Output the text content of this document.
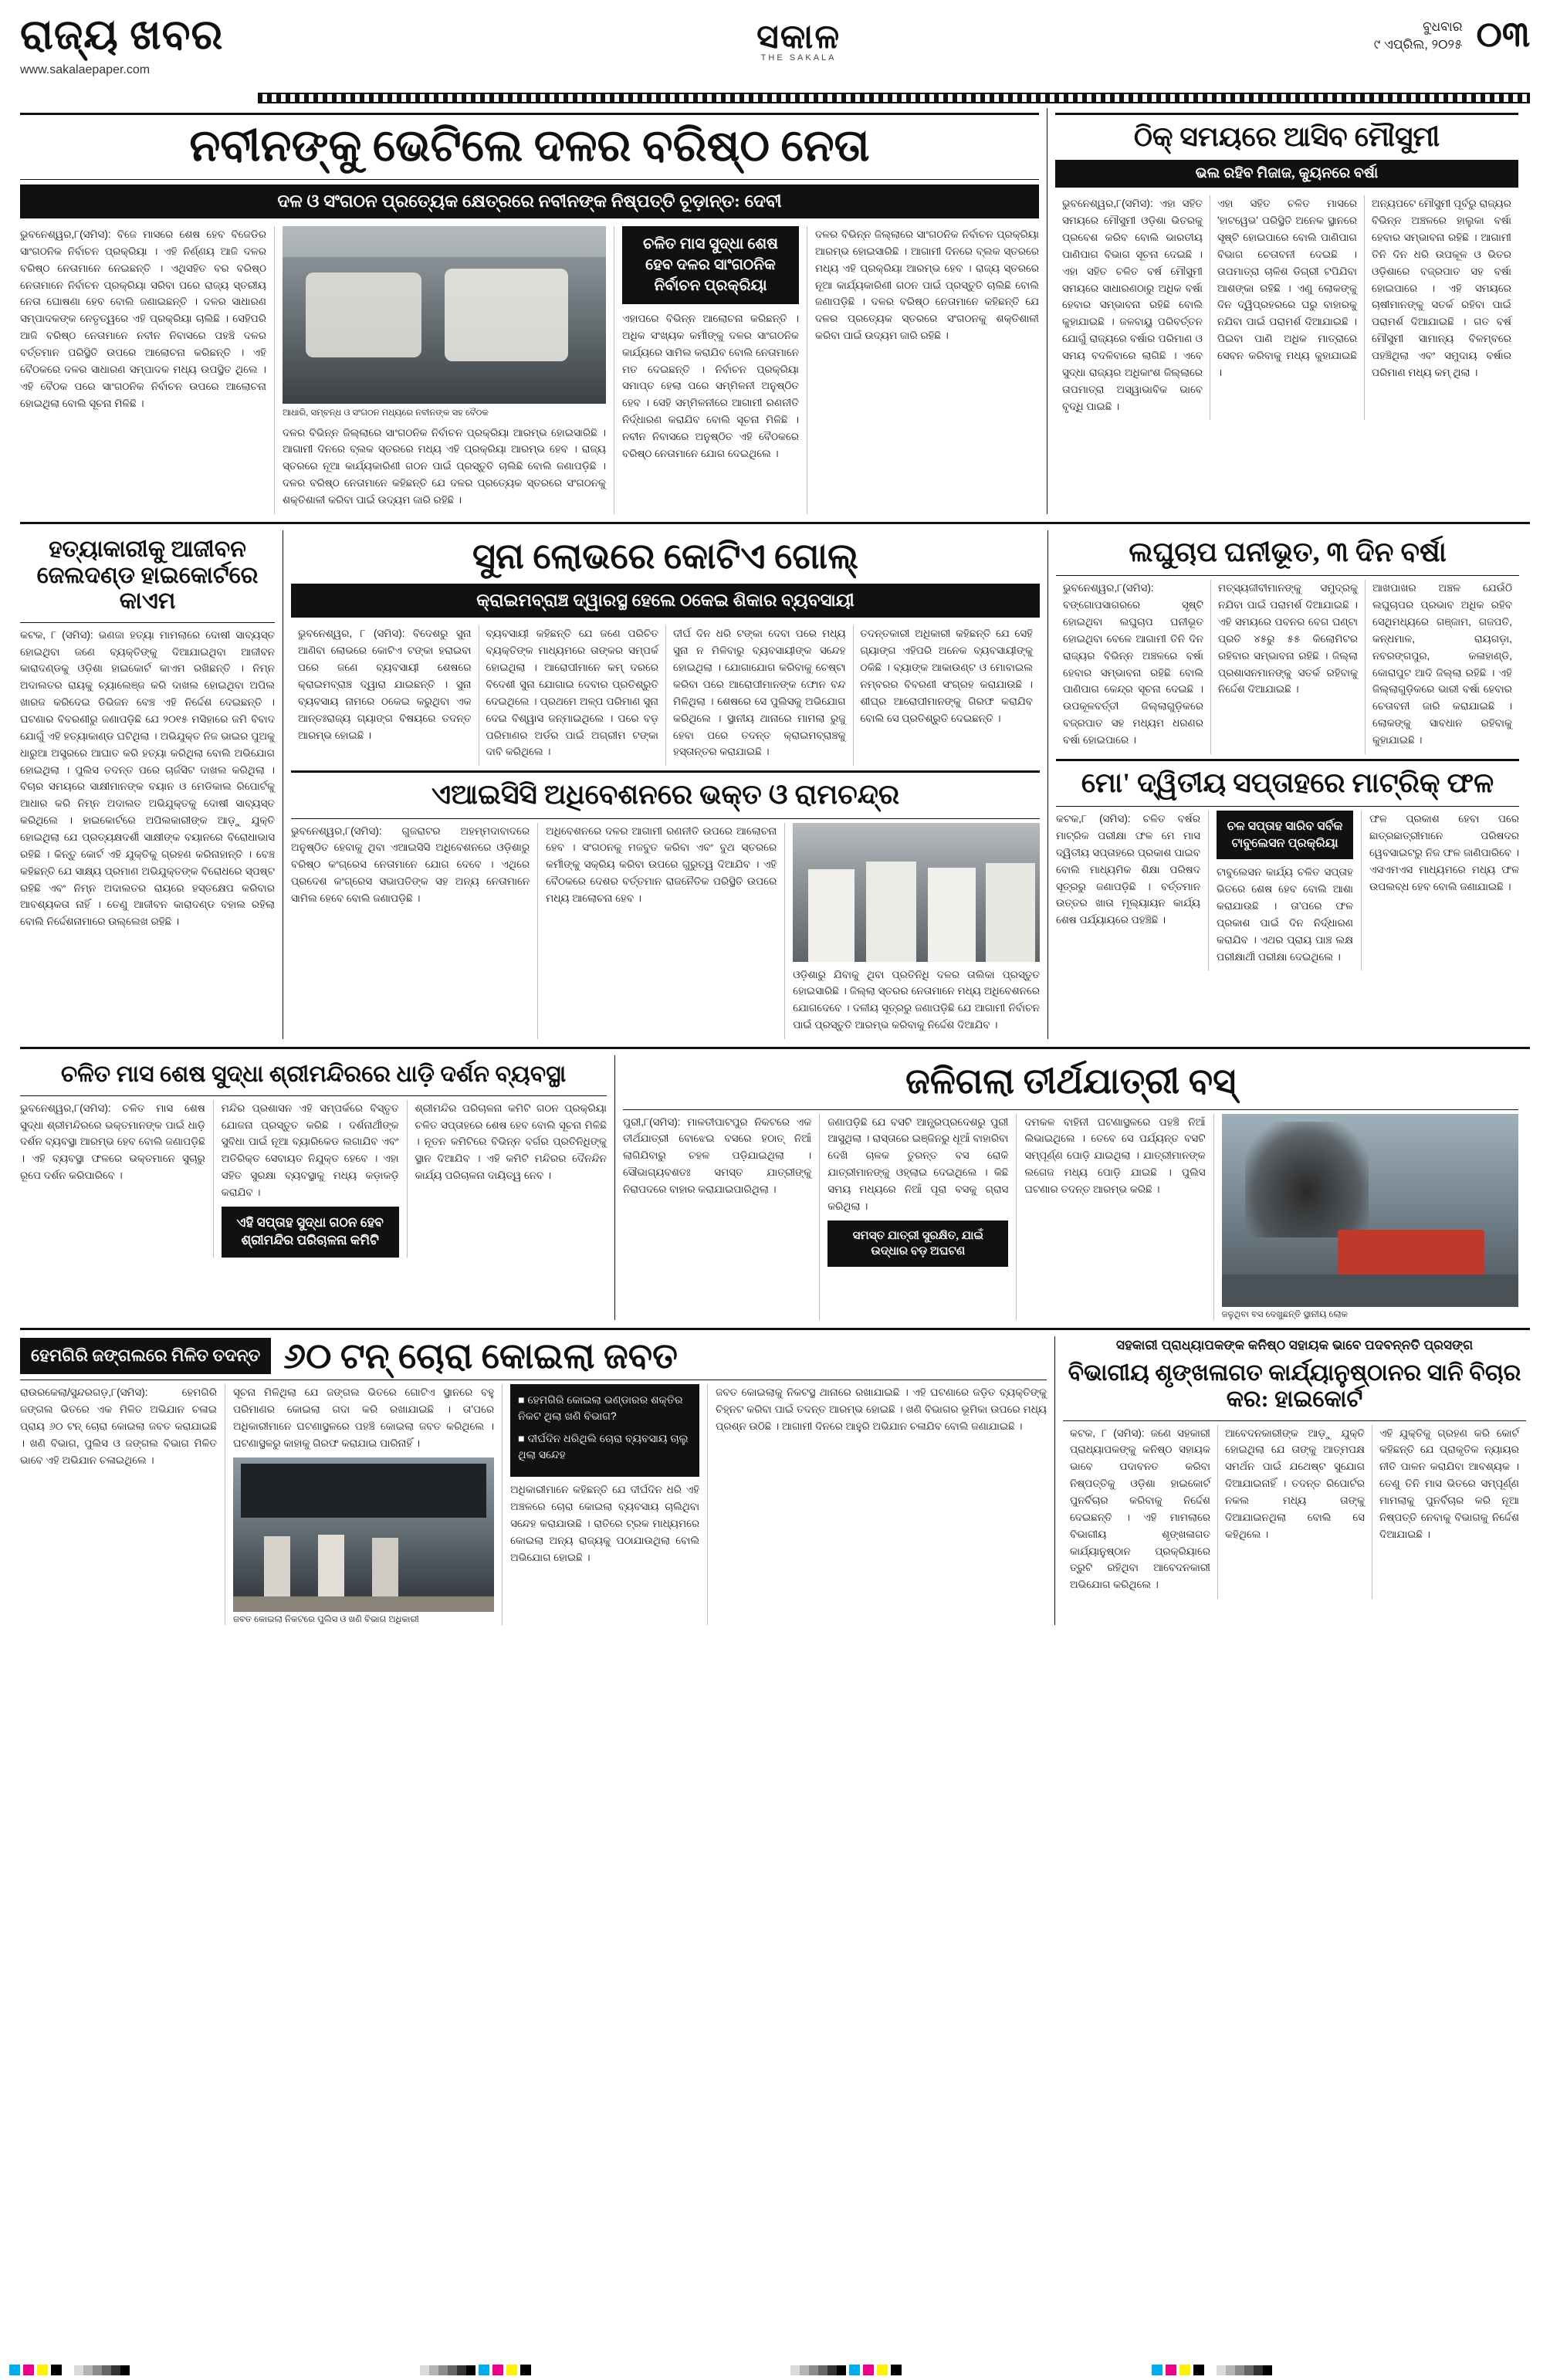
ରାଜ୍ୟ ଖବର
www.sakalaepaper.com
ସକାଳ
THE SAKALA
ବୁଧବାର
୯ ଏପ୍ରିଲ, ୨୦୨୫ ୦୩
ନବୀନଙ୍କୁ ଭେଟିଲେ ଦଳର ବରିଷ୍ଠ ନେତା
ଦଳ ଓ ସଂଗଠନ ପ୍ରତ୍ୟେକ କ୍ଷେତ୍ରରେ ନବୀନଙ୍କ ନିଷ୍ପତ୍ତି ଚୂଡ଼ାନ୍ତ: ଦେବୀ

ଭୁବନେଶ୍ୱର,୮(ସମିସ): ବିଜେ ମାସରେ ଶେଷ ହେବ ବିଜେଡିର ସାଂଗଠନିକ ନିର୍ବାଚନ ପ୍ରକ୍ରିୟା । ଏହି ନିର୍ଣ୍ଣୟ ଆଜି ଦଳର ବରିଷ୍ଠ ନେତାମାନେ ନେଇଛନ୍ତି । ଏଥିସହିତ ବର ବରିଷ୍ଠ ନେତାମାନେ ନିର୍ବାଚନ ପ୍ରକ୍ରିୟା ସରିବା ପରେ ରାଜ୍ୟ ସ୍ତରୀୟ ନେତା ଘୋଷଣା ହେବ ବୋଲି ଜଣାଇଛନ୍ତି । ଦଳର ସାଧାରଣ ସମ୍ପାଦକଙ୍କ ନେତୃତ୍ୱରେ ଏହି ପ୍ରକ୍ରିୟା ଚାଲିଛି । ସେହିପରି ଆଜି ବରିଷ୍ଠ ନେତାମାନେ ନବୀନ ନିବାସରେ ପହଞ୍ଚି ଦଳର ବର୍ତ୍ତମାନ ପରିସ୍ଥିତି ଉପରେ ଆଲୋଚନା କରିଛନ୍ତି । ଏହି ବୈଠକରେ ଦଳର ସାଧାରଣ ସମ୍ପାଦକ ମଧ୍ୟ ଉପସ୍ଥିତ ଥିଲେ । ଏହି ବୈଠକ ପରେ ସାଂଗଠନିକ ନିର୍ବାଚନ ଉପରେ ଆଲୋଚନା ହୋଇଥିଲା ବୋଲି ସୂଚନା ମିଳିଛି ।

ଆଧାରି, ସମ୍ବନ୍ଧ ଓ ସଂଗଠନ ମଧ୍ୟରେ ନବୀନଙ୍କ ସହ ବୈଠକ

ଦଳର ବିଭିନ୍ନ ଜିଲ୍ଲାରେ ସାଂଗଠନିକ ନିର୍ବାଚନ ପ୍ରକ୍ରିୟା ଆରମ୍ଭ ହୋଇସାରିଛି । ଆଗାମୀ ଦିନରେ ବ୍ଲକ ସ୍ତରରେ ମଧ୍ୟ ଏହି ପ୍ରକ୍ରିୟା ଆରମ୍ଭ ହେବ । ରାଜ୍ୟ ସ୍ତରରେ ନୂଆ କାର୍ଯ୍ୟକାରିଣୀ ଗଠନ ପାଇଁ ପ୍ରସ୍ତୁତି ଚାଲିଛି ବୋଲି ଜଣାପଡ଼ିଛି । ଦଳର ବରିଷ୍ଠ ନେତାମାନେ କହିଛନ୍ତି ଯେ ଦଳର ପ୍ରତ୍ୟେକ ସ୍ତରରେ ସଂଗଠନକୁ ଶକ୍ତିଶାଳୀ କରିବା ପାଇଁ ଉଦ୍ୟମ ଜାରି ରହିଛି ।

ଚଳିତ ମାସ ସୁଦ୍ଧା ଶେଷ ହେବ ଦଳର ସାଂଗଠନିକ ନିର୍ବାଚନ ପ୍ରକ୍ରିୟା

ଏହାପରେ ବିଭିନ୍ନ ଆଲୋଚନା କରିଛନ୍ତି । ଅଧିକ ସଂଖ୍ୟକ କର୍ମୀଙ୍କୁ ଦଳର ସାଂଗଠନିକ କାର୍ଯ୍ୟରେ ସାମିଲ କରାଯିବ ବୋଲି ନେତାମାନେ ମତ ଦେଇଛନ୍ତି । ନିର୍ବାଚନ ପ୍ରକ୍ରିୟା ସମାପ୍ତ ହେଲା ପରେ ସମ୍ମିଳନୀ ଅନୁଷ୍ଠିତ ହେବ । ସେହି ସମ୍ମିଳନୀରେ ଆଗାମୀ ରଣନୀତି ନିର୍ଦ୍ଧାରଣ କରାଯିବ ବୋଲି ସୂଚନା ମିଳିଛି । ନବୀନ ନିବାସରେ ଅନୁଷ୍ଠିତ ଏହି ବୈଠକରେ ବରିଷ୍ଠ ନେତାମାନେ ଯୋଗ ଦେଇଥିଲେ ।

ଦଳର ବିଭିନ୍ନ ଜିଲ୍ଲାରେ ସାଂଗଠନିକ ନିର୍ବାଚନ ପ୍ରକ୍ରିୟା ଆରମ୍ଭ ହୋଇସାରିଛି । ଆଗାମୀ ଦିନରେ ବ୍ଲକ ସ୍ତରରେ ମଧ୍ୟ ଏହି ପ୍ରକ୍ରିୟା ଆରମ୍ଭ ହେବ । ରାଜ୍ୟ ସ୍ତରରେ ନୂଆ କାର୍ଯ୍ୟକାରିଣୀ ଗଠନ ପାଇଁ ପ୍ରସ୍ତୁତି ଚାଲିଛି ବୋଲି ଜଣାପଡ଼ିଛି । ଦଳର ବରିଷ୍ଠ ନେତାମାନେ କହିଛନ୍ତି ଯେ ଦଳର ପ୍ରତ୍ୟେକ ସ୍ତରରେ ସଂଗଠନକୁ ଶକ୍ତିଶାଳୀ କରିବା ପାଇଁ ଉଦ୍ୟମ ଜାରି ରହିଛି ।

ଠିକ୍ ସମୟରେ ଆସିବ ମୌସୁମୀ
ଭଲ ରହିବ ମିଜାଜ, କ୍ୟୁନରେ ବର୍ଷା

ଭୁବନେଶ୍ୱର,୮(ସମିସ): ଏହା ସହିତ ସମୟରେ ମୌସୁମୀ ଓଡ଼ିଶା ଭିତରକୁ ପ୍ରବେଶ କରିବ ବୋଲି ଭାରତୀୟ ପାଣିପାଗ ବିଭାଗ ସୂଚନା ଦେଇଛି । ଏହା ସହିତ ଚଳିତ ବର୍ଷ ମୌସୁମୀ ସମୟରେ ସାଧାରଣଠାରୁ ଅଧିକ ବର୍ଷା ହେବାର ସମ୍ଭାବନା ରହିଛି ବୋଲି କୁହାଯାଇଛି । ଜଳବାୟୁ ପରିବର୍ତ୍ତନ ଯୋଗୁଁ ରାଜ୍ୟରେ ବର୍ଷାର ପରିମାଣ ଓ ସମୟ ବଦଳିବାରେ ଲାଗିଛି । ଏବେ ସୁଦ୍ଧା ରାଜ୍ୟର ଅଧିକାଂଶ ଜିଲ୍ଲାରେ ତାପମାତ୍ରା ଅସ୍ୱାଭାବିକ ଭାବେ ବୃଦ୍ଧି ପାଇଛି ।

ଏହା ସହିତ ଚଳିତ ମାସରେ 'ହାଟୱେଭ' ପରିସ୍ଥିତି ଅନେକ ସ୍ଥାନରେ ସୃଷ୍ଟି ହୋଇପାରେ ବୋଲି ପାଣିପାଗ ବିଭାଗ ଚେତାବନୀ ଦେଇଛି । ତାପମାତ୍ରା ଚାଳିଶ ଡିଗ୍ରୀ ଟପିଯିବା ଆଶଙ୍କା ରହିଛି । ଏଣୁ ଲୋକଙ୍କୁ ଦିନ ଦ୍ୱିପ୍ରହରରେ ଘରୁ ବାହାରକୁ ନଯିବା ପାଇଁ ପରାମର୍ଶ ଦିଆଯାଇଛି । ପିଇବା ପାଣି ଅଧିକ ମାତ୍ରାରେ ସେବନ କରିବାକୁ ମଧ୍ୟ କୁହାଯାଇଛି ।

ଅନ୍ୟପଟେ ମୌସୁମୀ ପୂର୍ବରୁ ରାଜ୍ୟର ବିଭିନ୍ନ ଅଞ୍ଚଳରେ ହାଲୁକା ବର୍ଷା ହେବାର ସମ୍ଭାବନା ରହିଛି । ଆଗାମୀ ତିନି ଦିନ ଧରି ଉପକୂଳ ଓ ଭିତର ଓଡ଼ିଶାରେ ବଜ୍ରପାତ ସହ ବର୍ଷା ହୋଇପାରେ । ଏହି ସମୟରେ ଚାଷୀମାନଙ୍କୁ ସତର୍କ ରହିବା ପାଇଁ ପରାମର୍ଶ ଦିଆଯାଇଛି । ଗତ ବର୍ଷ ମୌସୁମୀ ସାମାନ୍ୟ ବିଳମ୍ବରେ ପହଞ୍ଚିଥିଲା ଏବଂ ସମୁଦାୟ ବର୍ଷାର ପରିମାଣ ମଧ୍ୟ କମ୍ ଥିଲା ।

ହତ୍ୟାକାରୀକୁ ଆଜୀବନ ଜେଲଦଣ୍ଡ ହାଇକୋର୍ଟରେ କାଏମ

କଟକ, ୮ (ସମିସ): ଭଣଜା ହତ୍ୟା ମାମଲାରେ ଦୋଷୀ ସାବ୍ୟସ୍ତ ହୋଇଥିବା ଜଣେ ବ୍ୟକ୍ତିଙ୍କୁ ଦିଆଯାଇଥିବା ଆଜୀବନ କାରାଦଣ୍ଡକୁ ଓଡ଼ିଶା ହାଇକୋର୍ଟ କାଏମ ରଖିଛନ୍ତି । ନିମ୍ନ ଅଦାଲତର ରାୟକୁ ଚ୍ୟାଲେଞ୍ଜ କରି ଦାଖଲ ହୋଇଥିବା ଅପିଲ ଖାରଜ କରିଦେଇ ଡିଭିଜନ ବେଞ୍ଚ ଏହି ନିର୍ଦ୍ଦେଶ ଦେଇଛନ୍ତି । ଘଟଣାର ବିବରଣୀରୁ ଜଣାପଡ଼ିଛି ଯେ ୨୦୧୫ ମସିହାରେ ଜମି ବିବାଦ ଯୋଗୁଁ ଏହି ହତ୍ୟାକାଣ୍ଡ ଘଟିଥିଲା । ଅଭିଯୁକ୍ତ ନିଜ ଭାଇର ପୁଅକୁ ଧାରୁଆ ଅସ୍ତ୍ରରେ ଆଘାତ କରି ହତ୍ୟା କରିଥିଲା ବୋଲି ଅଭିଯୋଗ ହୋଇଥିଲା । ପୁଲିସ ତଦନ୍ତ ପରେ ଚାର୍ଜସିଟ ଦାଖଲ କରିଥିଲା । ବିଚାର ସମୟରେ ସାକ୍ଷୀମାନଙ୍କ ବୟାନ ଓ ମେଡିକାଲ ରିପୋର୍ଟକୁ ଆଧାର କରି ନିମ୍ନ ଅଦାଲତ ଅଭିଯୁକ୍ତକୁ ଦୋଷୀ ସାବ୍ୟସ୍ତ କରିଥିଲେ । ହାଇକୋର୍ଟରେ ଅପିଲକାରୀଙ୍କ ଆଡ଼ୁ ଯୁକ୍ତି ହୋଇଥିଲା ଯେ ପ୍ରତ୍ୟକ୍ଷଦର୍ଶୀ ସାକ୍ଷୀଙ୍କ ବୟାନରେ ବିରୋଧାଭାସ ରହିଛି । କିନ୍ତୁ କୋର୍ଟ ଏହି ଯୁକ୍ତିକୁ ଗ୍ରହଣ କରିନାହାନ୍ତି । ବେଞ୍ଚ କହିଛନ୍ତି ଯେ ସାକ୍ଷ୍ୟ ପ୍ରମାଣ ଅଭିଯୁକ୍ତଙ୍କ ବିରୋଧରେ ସ୍ପଷ୍ଟ ରହିଛି ଏବଂ ନିମ୍ନ ଅଦାଲତର ରାୟରେ ହସ୍ତକ୍ଷେପ କରିବାର ଆବଶ୍ୟକତା ନାହିଁ । ତେଣୁ ଆଜୀବନ କାରାଦଣ୍ଡ ବହାଲ ରହିଲା ବୋଲି ନିର୍ଦ୍ଦେଶନାମାରେ ଉଲ୍ଲେଖ ରହିଛି ।

ସୁନା ଲୋଭରେ କୋଟିଏ ଗୋଲ୍
କ୍ରାଇମବ୍ରାଞ୍ଚ ଦ୍ୱାରସ୍ଥ ହେଲେ ଠକେଇ ଶିକାର ବ୍ୟବସାୟୀ

ଭୁବନେଶ୍ୱର, ୮ (ସମିସ): ବିଦେଶରୁ ସୁନା ଆଣିବା ଲୋଭରେ କୋଟିଏ ଟଙ୍କା ହରାଇବା ପରେ ଜଣେ ବ୍ୟବସାୟୀ ଶେଷରେ କ୍ରାଇମବ୍ରାଞ୍ଚ ଦ୍ୱାରା ଯାଇଛନ୍ତି । ସୁନା ବ୍ୟବସାୟ ନାମରେ ଠକେଇ କରୁଥିବା ଏକ ଆନ୍ତଃରାଜ୍ୟ ଗ୍ୟାଙ୍ଗ ବିଷୟରେ ତଦନ୍ତ ଆରମ୍ଭ ହୋଇଛି ।

ବ୍ୟବସାୟୀ କହିଛନ୍ତି ଯେ ଜଣେ ପରିଚିତ ବ୍ୟକ୍ତିଙ୍କ ମାଧ୍ୟମରେ ତାଙ୍କର ସମ୍ପର୍କ ହୋଇଥିଲା । ଆରୋପୀମାନେ କମ୍ ଦରରେ ବିଦେଶୀ ସୁନା ଯୋଗାଇ ଦେବାର ପ୍ରତିଶ୍ରୁତି ଦେଇଥିଲେ । ପ୍ରଥମେ ଅଳ୍ପ ପରିମାଣ ସୁନା ଦେଇ ବିଶ୍ୱାସ ଜନ୍ମାଇଥିଲେ । ପରେ ବଡ଼ ପରିମାଣର ଅର୍ଡର ପାଇଁ ଅଗ୍ରୀମ ଟଙ୍କା ଦାବି କରିଥିଲେ ।

ଦୀର୍ଘ ଦିନ ଧରି ଟଙ୍କା ଦେବା ପରେ ମଧ୍ୟ ସୁନା ନ ମିଳିବାରୁ ବ୍ୟବସାୟୀଙ୍କ ସନ୍ଦେହ ହୋଇଥିଲା । ଯୋଗାଯୋଗ କରିବାକୁ ଚେଷ୍ଟା କରିବା ପରେ ଆରୋପୀମାନଙ୍କ ଫୋନ ବନ୍ଦ ମିଳିଥିଲା । ଶେଷରେ ସେ ପୁଲିସକୁ ଅଭିଯୋଗ କରିଥିଲେ । ସ୍ଥାନୀୟ ଥାନାରେ ମାମଲା ରୁଜୁ ହେବା ପରେ ତଦନ୍ତ କ୍ରାଇମବ୍ରାଞ୍ଚକୁ ହସ୍ତାନ୍ତର କରାଯାଇଛି ।

ତଦନ୍ତକାରୀ ଅଧିକାରୀ କହିଛନ୍ତି ଯେ ସେହି ଗ୍ୟାଙ୍ଗ ଏହିପରି ଅନେକ ବ୍ୟବସାୟୀଙ୍କୁ ଠକିଛି । ବ୍ୟାଙ୍କ ଆକାଉଣ୍ଟ ଓ ମୋବାଇଲ ନମ୍ବରର ବିବରଣୀ ସଂଗ୍ରହ କରାଯାଉଛି । ଶୀଘ୍ର ଆରୋପୀମାନଙ୍କୁ ଗିରଫ କରାଯିବ ବୋଲି ସେ ପ୍ରତିଶ୍ରୁତି ଦେଇଛନ୍ତି ।

ଏଆଇସିସି ଅଧିବେଶନରେ ଭକ୍ତ ଓ ରାମଚନ୍ଦ୍ର

ଭୁବନେଶ୍ୱର,୮(ସମିସ): ଗୁଜରାଟର ଅହମ୍ମଦାବାଦରେ ଅନୁଷ୍ଠିତ ହେବାକୁ ଥିବା ଏଆଇସିସି ଅଧିବେଶନରେ ଓଡ଼ିଶାରୁ ବରିଷ୍ଠ କଂଗ୍ରେସ ନେତାମାନେ ଯୋଗ ଦେବେ । ଏଥିରେ ପ୍ରଦେଶ କଂଗ୍ରେସ ସଭାପତିଙ୍କ ସହ ଅନ୍ୟ ନେତାମାନେ ସାମିଲ ହେବେ ବୋଲି ଜଣାପଡ଼ିଛି ।

ଅଧିବେଶନରେ ଦଳର ଆଗାମୀ ରଣନୀତି ଉପରେ ଆଲୋଚନା ହେବ । ସଂଗଠନକୁ ମଜବୁତ କରିବା ଏବଂ ବୁଥ ସ୍ତରରେ କର୍ମୀଙ୍କୁ ସକ୍ରିୟ କରିବା ଉପରେ ଗୁରୁତ୍ୱ ଦିଆଯିବ । ଏହି ବୈଠକରେ ଦେଶର ବର୍ତ୍ତମାନ ରାଜନୈତିକ ପରିସ୍ଥିତି ଉପରେ ମଧ୍ୟ ଆଲୋଚନା ହେବ ।

ଓଡ଼ିଶାରୁ ଯିବାକୁ ଥିବା ପ୍ରତିନିଧି ଦଳର ତାଲିକା ପ୍ରସ୍ତୁତ ହୋଇସାରିଛି । ଜିଲ୍ଲା ସ୍ତରର ନେତାମାନେ ମଧ୍ୟ ଅଧିବେଶନରେ ଯୋଗଦେବେ । ଦଳୀୟ ସୂତ୍ରରୁ ଜଣାପଡ଼ିଛି ଯେ ଆଗାମୀ ନିର୍ବାଚନ ପାଇଁ ପ୍ରସ୍ତୁତି ଆରମ୍ଭ କରିବାକୁ ନିର୍ଦ୍ଦେଶ ଦିଆଯିବ ।

ଲଘୁଚାପ ଘନୀଭୂତ, ୩ ଦିନ ବର୍ଷା

ଭୁବନେଶ୍ୱର,୮(ସମିସ): ବଙ୍ଗୋପସାଗରରେ ସୃଷ୍ଟି ହୋଇଥିବା ଲଘୁଚାପ ଘନୀଭୂତ ହୋଇଥିବା ବେଳେ ଆଗାମୀ ତିନି ଦିନ ରାଜ୍ୟର ବିଭିନ୍ନ ଅଞ୍ଚଳରେ ବର୍ଷା ହେବାର ସମ୍ଭାବନା ରହିଛି ବୋଲି ପାଣିପାଗ କେନ୍ଦ୍ର ସୂଚନା ଦେଇଛି । ଉପକୂଳବର୍ତ୍ତୀ ଜିଲ୍ଲାଗୁଡ଼ିକରେ ବଜ୍ରପାତ ସହ ମଧ୍ୟମ ଧରଣର ବର୍ଷା ହୋଇପାରେ ।

ମତ୍ସ୍ୟଜୀବୀମାନଙ୍କୁ ସମୁଦ୍ରକୁ ନଯିବା ପାଇଁ ପରାମର୍ଶ ଦିଆଯାଇଛି । ଏହି ସମୟରେ ପବନର ବେଗ ଘଣ୍ଟା ପ୍ରତି ୪୫ରୁ ୫୫ କିଲୋମିଟର ରହିବାର ସମ୍ଭାବନା ରହିଛି । ଜିଲ୍ଲା ପ୍ରଶାସନମାନଙ୍କୁ ସତର୍କ ରହିବାକୁ ନିର୍ଦ୍ଦେଶ ଦିଆଯାଇଛି ।

ଆଖପାଖର ଅଞ୍ଚଳ ଯେଉଁଠି ଲଘୁଚାପର ପ୍ରଭାବ ଅଧିକ ରହିବ ସେଥିମଧ୍ୟରେ ଗଞ୍ଜାମ, ଗଜପତି, କନ୍ଧମାଳ, ରାୟଗଡ଼ା, ନବରଙ୍ଗପୁର, କଳାହାଣ୍ଡି, କୋରାପୁଟ ଆଦି ଜିଲ୍ଲା ରହିଛି । ଏହି ଜିଲ୍ଲାଗୁଡ଼ିକରେ ଭାରୀ ବର୍ଷା ହେବାର ଚେତାବନୀ ଜାରି କରାଯାଇଛି । ଲୋକଙ୍କୁ ସାବଧାନ ରହିବାକୁ କୁହାଯାଇଛି ।

ମୋ' ଦ୍ୱିତୀୟ ସପ୍ତାହରେ ମାଟ୍ରିକ୍ ଫଳ

କଟକ,୮ (ସମିସ): ଚଳିତ ବର୍ଷର ମାଟ୍ରିକ ପରୀକ୍ଷା ଫଳ ମେ ମାସ ଦ୍ୱିତୀୟ ସପ୍ତାହରେ ପ୍ରକାଶ ପାଇବ ବୋଲି ମାଧ୍ୟମିକ ଶିକ୍ଷା ପରିଷଦ ସୂତ୍ରରୁ ଜଣାପଡ଼ିଛି । ବର୍ତ୍ତମାନ ଉତ୍ତର ଖାତା ମୂଲ୍ୟାୟନ କାର୍ଯ୍ୟ ଶେଷ ପର୍ଯ୍ୟାୟରେ ପହଞ୍ଚିଛି ।

ଚଳ ସପ୍ତାହ ସାରିବ ସର୍ବିକ ଟାବୁଲେସନ ପ୍ରକ୍ରିୟା

ଟାବୁଲେସନ କାର୍ଯ୍ୟ ଚଳିତ ସପ୍ତାହ ଭିତରେ ଶେଷ ହେବ ବୋଲି ଆଶା କରାଯାଉଛି । ତା'ପରେ ଫଳ ପ୍ରକାଶ ପାଇଁ ଦିନ ନିର୍ଦ୍ଧାରଣ କରାଯିବ । ଏଥର ପ୍ରାୟ ପାଞ୍ଚ ଲକ୍ଷ ପରୀକ୍ଷାର୍ଥୀ ପରୀକ୍ଷା ଦେଇଥିଲେ ।

ଫଳ ପ୍ରକାଶ ହେବା ପରେ ଛାତ୍ରଛାତ୍ରୀମାନେ ପରିଷଦର ୱେବସାଇଟରୁ ନିଜ ଫଳ ଜାଣିପାରିବେ । ଏସଏମଏସ ମାଧ୍ୟମରେ ମଧ୍ୟ ଫଳ ଉପଲବ୍ଧ ହେବ ବୋଲି ଜଣାଯାଇଛି ।

ଚଳିତ ମାସ ଶେଷ ସୁଦ୍ଧା ଶ୍ରୀମନ୍ଦିରରେ ଧାଡ଼ି ଦର୍ଶନ ବ୍ୟବସ୍ଥା

ଭୁବନେଶ୍ୱର,୮(ସମିସ): ଚଳିତ ମାସ ଶେଷ ସୁଦ୍ଧା ଶ୍ରୀମନ୍ଦିରରେ ଭକ୍ତମାନଙ୍କ ପାଇଁ ଧାଡ଼ି ଦର୍ଶନ ବ୍ୟବସ୍ଥା ଆରମ୍ଭ ହେବ ବୋଲି ଜଣାପଡ଼ିଛି । ଏହି ବ୍ୟବସ୍ଥା ଫଳରେ ଭକ୍ତମାନେ ସୁଚାରୁ ରୂପେ ଦର୍ଶନ କରିପାରିବେ ।

ମନ୍ଦିର ପ୍ରଶାସନ ଏହି ସମ୍ପର୍କରେ ବିସ୍ତୃତ ଯୋଜନା ପ୍ରସ୍ତୁତ କରିଛି । ଦର୍ଶନାର୍ଥୀଙ୍କ ସୁବିଧା ପାଇଁ ନୂଆ ବ୍ୟାରିକେଡ ଲଗାଯିବ ଏବଂ ଅତିରିକ୍ତ ସେବାୟତ ନିଯୁକ୍ତ ହେବେ । ଏହା ସହିତ ସୁରକ୍ଷା ବ୍ୟବସ୍ଥାକୁ ମଧ୍ୟ କଡ଼ାକଡ଼ି କରାଯିବ ।

ଏହି ସପ୍ତାହ ସୁଦ୍ଧା ଗଠନ ହେବ ଶ୍ରୀମନ୍ଦିର ପରିଚାଳନା କମିଟି

ଶ୍ରୀମନ୍ଦିର ପରିଚାଳନା କମିଟି ଗଠନ ପ୍ରକ୍ରିୟା ଚଳିତ ସପ୍ତାହରେ ଶେଷ ହେବ ବୋଲି ସୂଚନା ମିଳିଛି । ନୂତନ କମିଟିରେ ବିଭିନ୍ନ ବର୍ଗର ପ୍ରତିନିଧିଙ୍କୁ ସ୍ଥାନ ଦିଆଯିବ । ଏହି କମିଟି ମନ୍ଦିରର ଦୈନନ୍ଦିନ କାର୍ଯ୍ୟ ପରିଚାଳନା ଦାୟିତ୍ୱ ନେବ ।

ଜଳିଗଲା ତୀର୍ଥଯାତ୍ରୀ ବସ୍

ପୁରୀ,୮(ସମିସ): ମାଳତୀପାଟପୁର ନିକଟରେ ଏକ ତୀର୍ଥଯାତ୍ରୀ ବୋଝେଇ ବସରେ ହଠାତ୍ ନିଆଁ ଲାଗିଯିବାରୁ ଚହଳ ପଡ଼ିଯାଇଥିଲା । ସୌଭାଗ୍ୟବଶତଃ ସମସ୍ତ ଯାତ୍ରୀଙ୍କୁ ନିରାପଦରେ ବାହାର କରାଯାଇପାରିଥିଲା ।

ଜଣାପଡ଼ିଛି ଯେ ବସଟି ଆନ୍ଧ୍ରପ୍ରଦେଶରୁ ପୁରୀ ଆସୁଥିଲା । ରାସ୍ତାରେ ଇଞ୍ଜିନରୁ ଧୂଆଁ ବାହାରିବା ଦେଖି ଚାଳକ ତୁରନ୍ତ ବସ ରୋକି ଯାତ୍ରୀମାନଙ୍କୁ ଓହ୍ଲାଇ ଦେଇଥିଲେ । କିଛି ସମୟ ମଧ୍ୟରେ ନିଆଁ ପୂରା ବସକୁ ଗ୍ରାସ କରିଥିଲା ।

ସମସ୍ତ ଯାତ୍ରୀ ସୁରକ୍ଷିତ, ଯାଇଁ ଉଦ୍ଧାର ବଡ଼ ଅଘଟଣ

ଦମକଳ ବାହିନୀ ଘଟଣାସ୍ଥଳରେ ପହଞ୍ଚି ନିଆଁ ଲିଭାଇଥିଲେ । ତେବେ ସେ ପର୍ଯ୍ୟନ୍ତ ବସଟି ସମ୍ପୂର୍ଣ୍ଣ ପୋଡ଼ି ଯାଇଥିଲା । ଯାତ୍ରୀମାନଙ୍କ ଲଗେଜ ମଧ୍ୟ ପୋଡ଼ି ଯାଇଛି । ପୁଲିସ ଘଟଣାର ତଦନ୍ତ ଆରମ୍ଭ କରିଛି ।

ଜଳୁଥିବା ବସ ଦେଖୁଛନ୍ତି ସ୍ଥାନୀୟ ଲୋକ
ହେମଗିରି ଜଙ୍ଗଲରେ ମିଳିତ ତଦନ୍ତ ୬୦ ଟନ୍ ଚୋରା କୋଇଲା ଜବତ

ରାଉରକେଲା/ସୁନ୍ଦରଗଡ଼,୮(ସମିସ): ହେମଗିରି ଜଙ୍ଗଲ ଭିତରେ ଏକ ମିଳିତ ଅଭିଯାନ ଚଳାଇ ପ୍ରାୟ ୬୦ ଟନ୍ ଚୋରା କୋଇଲା ଜବତ କରାଯାଇଛି । ଖଣି ବିଭାଗ, ପୁଲିସ ଓ ଜଙ୍ଗଲ ବିଭାଗ ମିଳିତ ଭାବେ ଏହି ଅଭିଯାନ ଚଳାଇଥିଲେ ।

ସୂଚନା ମିଳିଥିଲା ଯେ ଜଙ୍ଗଲ ଭିତରେ ଗୋଟିଏ ସ୍ଥାନରେ ବହୁ ପରିମାଣର କୋଇଲା ଗଦା କରି ରଖାଯାଇଛି । ତା'ପରେ ଅଧିକାରୀମାନେ ଘଟଣାସ୍ଥଳରେ ପହଞ୍ଚି କୋଇଲା ଜବତ କରିଥିଲେ । ଘଟଣାସ୍ଥଳରୁ କାହାକୁ ଗିରଫ କରାଯାଇ ପାରିନାହିଁ ।

ଜବତ କୋଇଲା ନିକଟରେ ପୁଲିସ ଓ ଖଣି ବିଭାଗ ଅଧିକାରୀ
■ ହେମଗିରି କୋଇଲା ଭଣ୍ଡାରର ଶକ୍ତିର ନିକଟ ଥିଲା ଖଣି ବିଭାଗ?
■ ଦୀର୍ଘଦିନ ଧରିଥିଲି ଚୋରା ବ୍ୟବସାୟ ଚାଲୁ ଥିଲା ସନ୍ଦେହ

ଅଧିକାରୀମାନେ କହିଛନ୍ତି ଯେ ଦୀର୍ଘଦିନ ଧରି ଏହି ଅଞ୍ଚଳରେ ଚୋରା କୋଇଲା ବ୍ୟବସାୟ ଚାଲିଥିବା ସନ୍ଦେହ କରାଯାଉଛି । ରାତିରେ ଟ୍ରକ ମାଧ୍ୟମରେ କୋଇଲା ଅନ୍ୟ ରାଜ୍ୟକୁ ପଠାଯାଉଥିଲା ବୋଲି ଅଭିଯୋଗ ହୋଇଛି ।

ଜବତ କୋଇଲାକୁ ନିକଟସ୍ଥ ଥାନାରେ ରଖାଯାଇଛି । ଏହି ଘଟଣାରେ ଜଡ଼ିତ ବ୍ୟକ୍ତିଙ୍କୁ ଚିହ୍ନଟ କରିବା ପାଇଁ ତଦନ୍ତ ଆରମ୍ଭ ହୋଇଛି । ଖଣି ବିଭାଗର ଭୂମିକା ଉପରେ ମଧ୍ୟ ପ୍ରଶ୍ନ ଉଠିଛି । ଆଗାମୀ ଦିନରେ ଆହୁରି ଅଭିଯାନ ଚଳାଯିବ ବୋଲି ଜଣାଯାଇଛି ।

ସହକାରୀ ପ୍ରାଧ୍ୟାପକଙ୍କ କନିଷ୍ଠ ସହାୟକ ଭାବେ ପଦବନ୍ନତି ପ୍ରସଙ୍ଗ
ବିଭାଗୀୟ ଶୃଙ୍ଖଳାଗତ କାର୍ଯ୍ୟାନୁଷ୍ଠାନର ସାନି ବିଚାର କର: ହାଇକୋର୍ଟ

କଟକ, ୮ (ସମିସ): ଜଣେ ସହକାରୀ ପ୍ରାଧ୍ୟାପକଙ୍କୁ କନିଷ୍ଠ ସହାୟକ ଭାବେ ପଦାବନତ କରିବା ନିଷ୍ପତ୍ତିକୁ ଓଡ଼ିଶା ହାଇକୋର୍ଟ ପୁନର୍ବିଚାର କରିବାକୁ ନିର୍ଦ୍ଦେଶ ଦେଇଛନ୍ତି । ଏହି ମାମଲାରେ ବିଭାଗୀୟ ଶୃଙ୍ଖଳାଗତ କାର୍ଯ୍ୟାନୁଷ୍ଠାନ ପ୍ରକ୍ରିୟାରେ ତ୍ରୁଟି ରହିଥିବା ଆବେଦନକାରୀ ଅଭିଯୋଗ କରିଥିଲେ ।

ଆବେଦନକାରୀଙ୍କ ଆଡ଼ୁ ଯୁକ୍ତି ହୋଇଥିଲା ଯେ ତାଙ୍କୁ ଆତ୍ମପକ୍ଷ ସମର୍ଥନ ପାଇଁ ଯଥେଷ୍ଟ ସୁଯୋଗ ଦିଆଯାଇନାହିଁ । ତଦନ୍ତ ରିପୋର୍ଟର ନକଲ ମଧ୍ୟ ତାଙ୍କୁ ଦିଆଯାଇନଥିଲା ବୋଲି ସେ କହିଥିଲେ ।

ଏହି ଯୁକ୍ତିକୁ ଗ୍ରହଣ କରି କୋର୍ଟ କହିଛନ୍ତି ଯେ ପ୍ରାକୃତିକ ନ୍ୟାୟର ନୀତି ପାଳନ କରାଯିବା ଆବଶ୍ୟକ । ତେଣୁ ତିନି ମାସ ଭିତରେ ସମ୍ପୂର୍ଣ୍ଣ ମାମଲାକୁ ପୁନର୍ବିଚାର କରି ନୂଆ ନିଷ୍ପତ୍ତି ନେବାକୁ ବିଭାଗକୁ ନିର୍ଦ୍ଦେଶ ଦିଆଯାଇଛି ।
